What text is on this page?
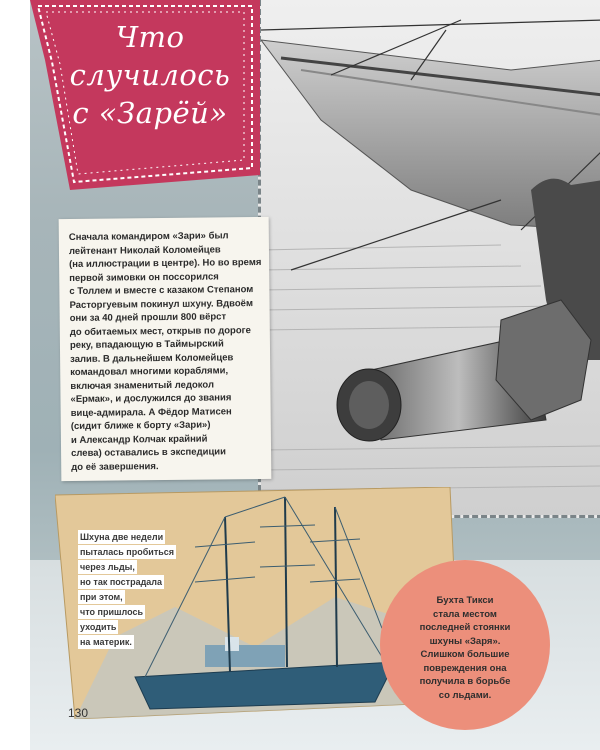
Что
случилось
с «Зарёй»

Сначала командиром «Зари» был
лейтенант Николай Коломейцев
(на иллюстрации в центре). Но во время
первой зимовки он поссорился
с Толлем и вместе с казаком Степаном
Расторгуевым покинул шхуну. Вдвоём
они за 40 дней прошли 800 вёрст
до обитаемых мест, открыв по дороге
реку, впадающую в Таймырский
залив. В дальнейшем Коломейцев
командовал многими кораблями,
включая знаменитый ледокол
«Ермак», и дослужился до звания
вице-адмирала. А Фёдор Матисен
(сидит ближе к борту «Зари»)
и Александр Колчак крайний
слева) оставались в экспедиции
до её завершения.

Шхуна две недели
пыталась пробиться
через льды,
но так пострадала
при этом,
что пришлось
уходить
на материк.
Бухта Тикси
стала местом
последней стоянки
шхуны «Заря».
Слишком большие
повреждения она
получила в борьбе
со льдами.
130
